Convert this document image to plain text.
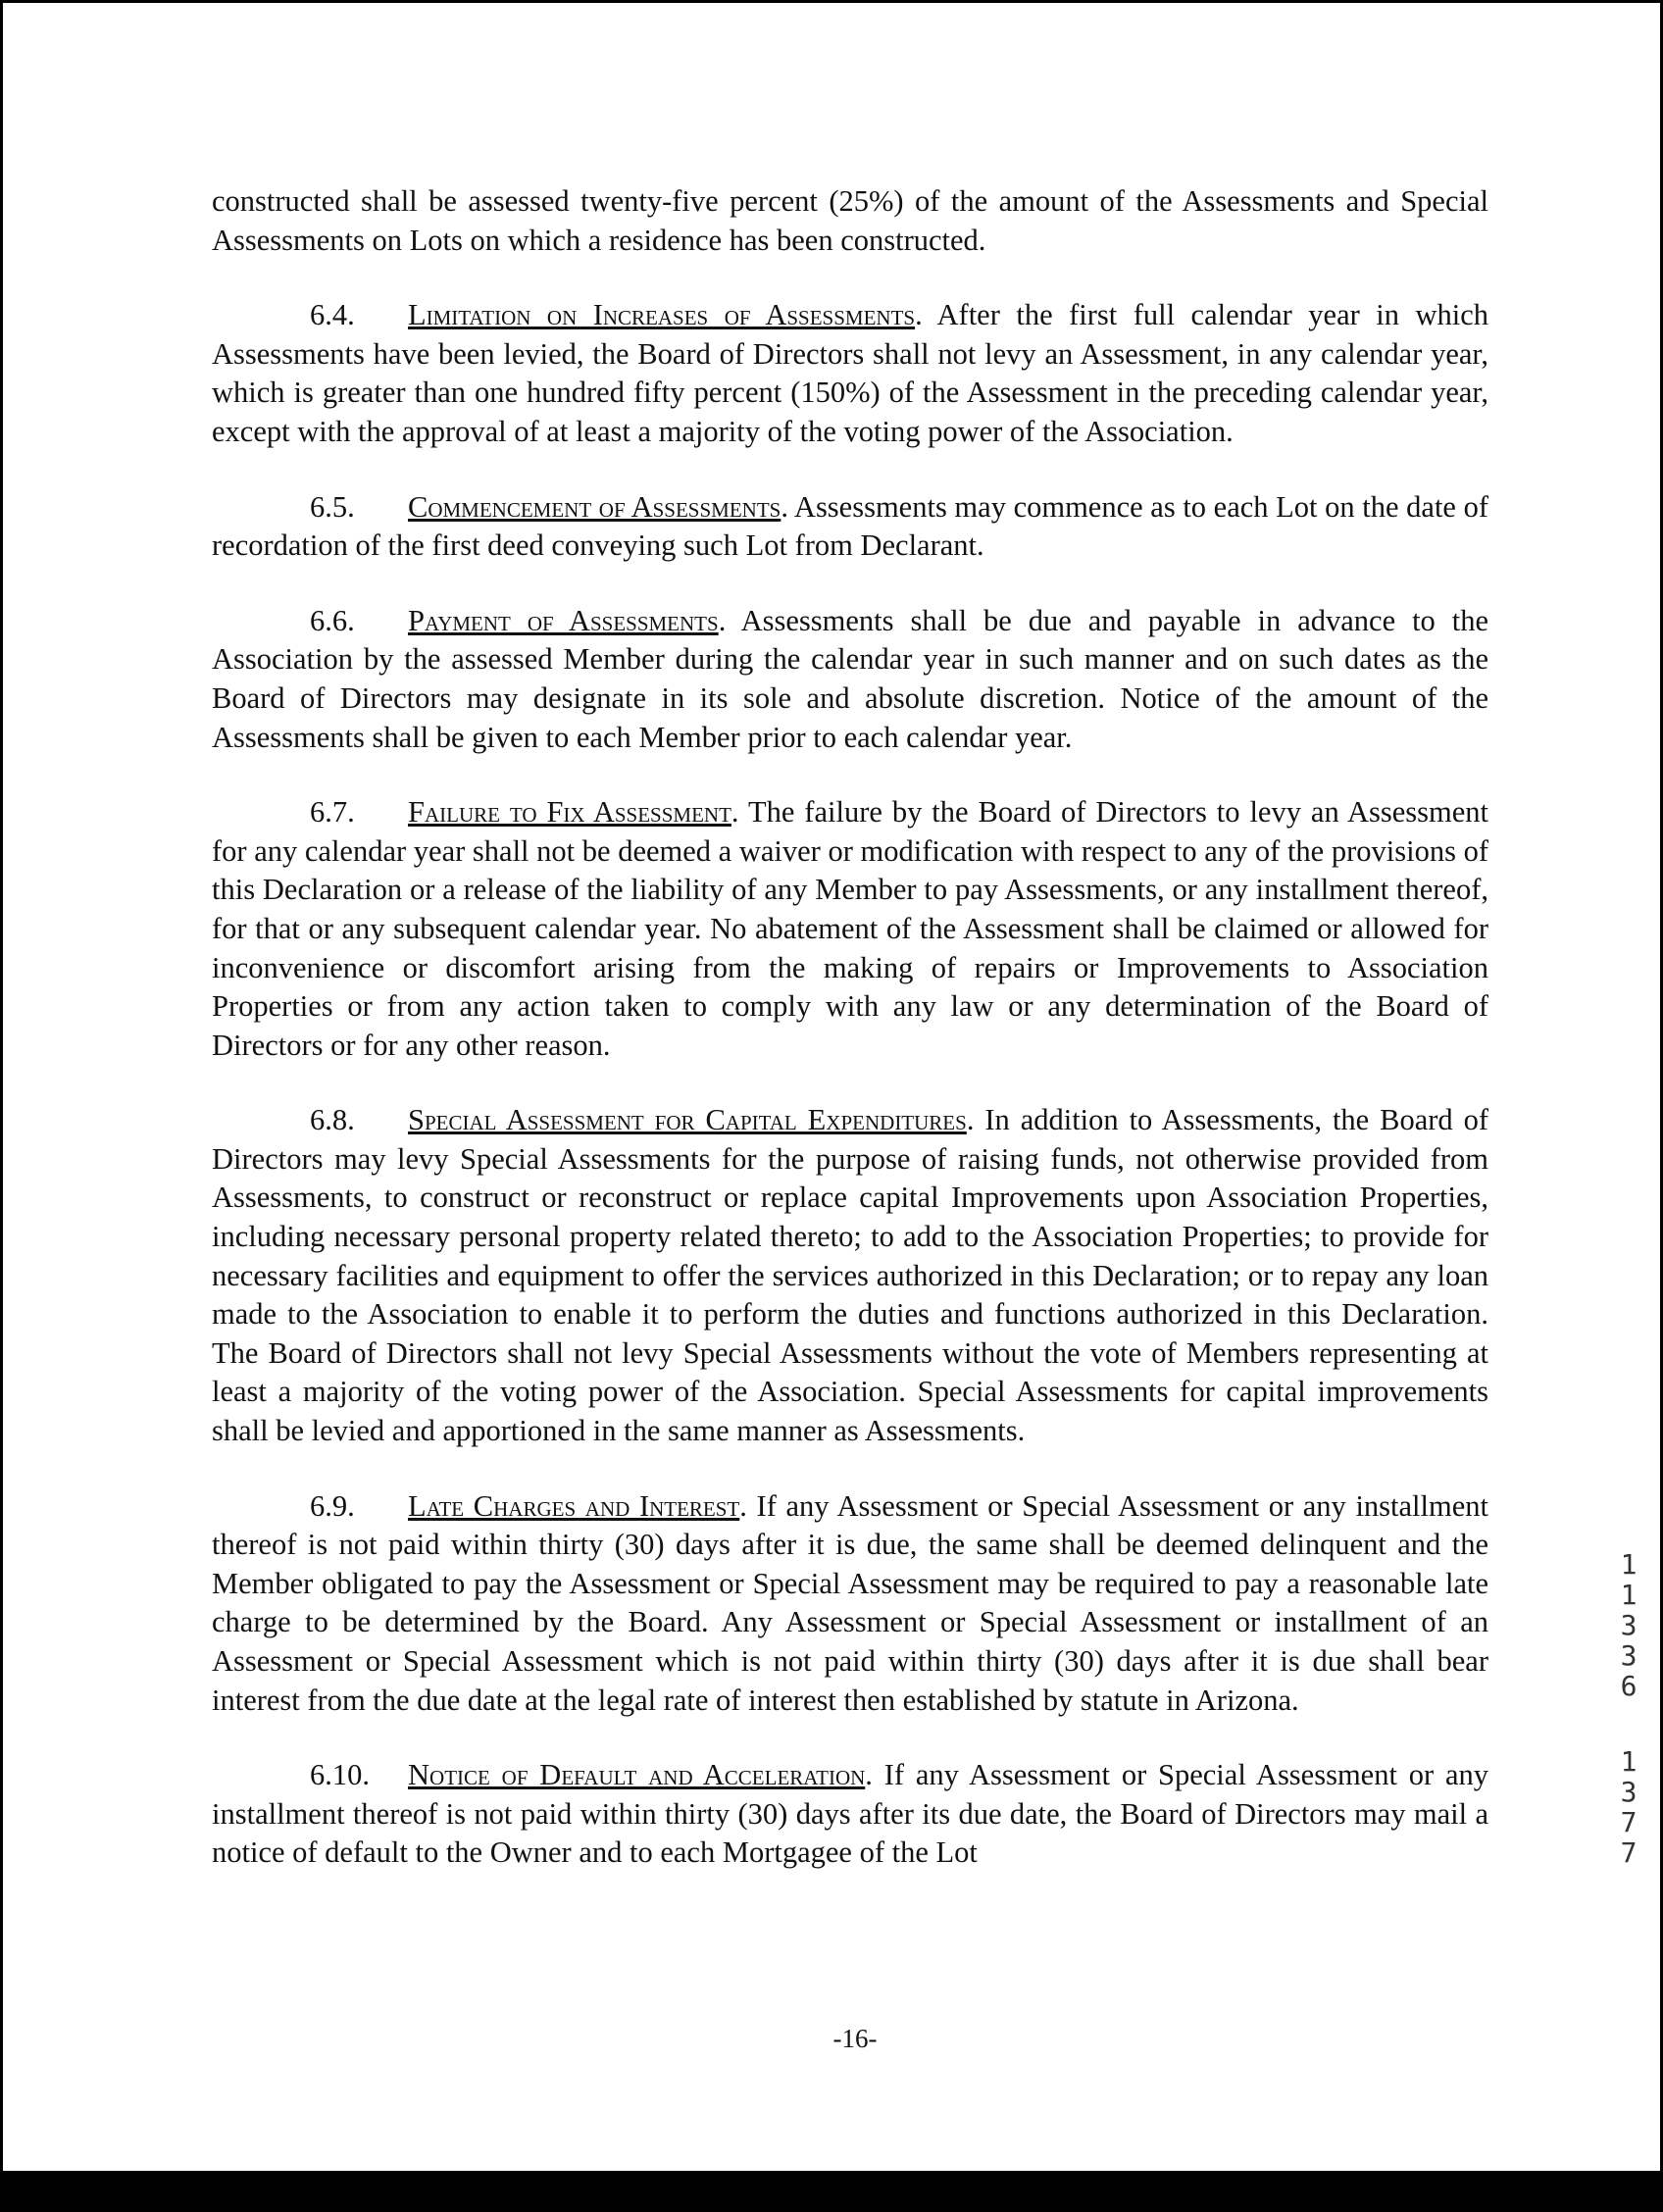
constructed shall be assessed twenty-five percent (25%) of the amount of the Assessments and Special Assessments on Lots on which a residence has been constructed.

6.4. Limitation on Increases of Assessments. After the first full calendar year in which Assessments have been levied, the Board of Directors shall not levy an Assessment, in any calendar year, which is greater than one hundred fifty percent (150%) of the Assessment in the preceding calendar year, except with the approval of at least a majority of the voting power of the Association.

6.5. Commencement of Assessments. Assessments may commence as to each Lot on the date of recordation of the first deed conveying such Lot from Declarant.

6.6. Payment of Assessments. Assessments shall be due and payable in advance to the Association by the assessed Member during the calendar year in such manner and on such dates as the Board of Directors may designate in its sole and absolute discretion. Notice of the amount of the Assessments shall be given to each Member prior to each calendar year.

6.7. Failure to Fix Assessment. The failure by the Board of Directors to levy an Assessment for any calendar year shall not be deemed a waiver or modification with respect to any of the provisions of this Declaration or a release of the liability of any Member to pay Assessments, or any installment thereof, for that or any subsequent calendar year. No abatement of the Assessment shall be claimed or allowed for inconvenience or discomfort arising from the making of repairs or Improvements to Association Properties or from any action taken to comply with any law or any determination of the Board of Directors or for any other reason.

6.8. Special Assessment for Capital Expenditures. In addition to Assessments, the Board of Directors may levy Special Assessments for the purpose of raising funds, not otherwise provided from Assessments, to construct or reconstruct or replace capital Improvements upon Association Properties, including necessary personal property related thereto; to add to the Association Properties; to provide for necessary facilities and equipment to offer the services authorized in this Declaration; or to repay any loan made to the Association to enable it to perform the duties and functions authorized in this Declaration. The Board of Directors shall not levy Special Assessments without the vote of Members representing at least a majority of the voting power of the Association. Special Assessments for capital improvements shall be levied and apportioned in the same manner as Assessments.

6.9. Late Charges and Interest. If any Assessment or Special Assessment or any installment thereof is not paid within thirty (30) days after it is due, the same shall be deemed delinquent and the Member obligated to pay the Assessment or Special Assessment may be required to pay a reasonable late charge to be determined by the Board. Any Assessment or Special Assessment or installment of an Assessment or Special Assessment which is not paid within thirty (30) days after it is due shall bear interest from the due date at the legal rate of interest then established by statute in Arizona.

6.10. Notice of Default and Acceleration. If any Assessment or Special Assessment or any installment thereof is not paid within thirty (30) days after its due date, the Board of Directors may mail a notice of default to the Owner and to each Mortgagee of the Lot

-16-
1
1
3
3
6
1
3
7
7
